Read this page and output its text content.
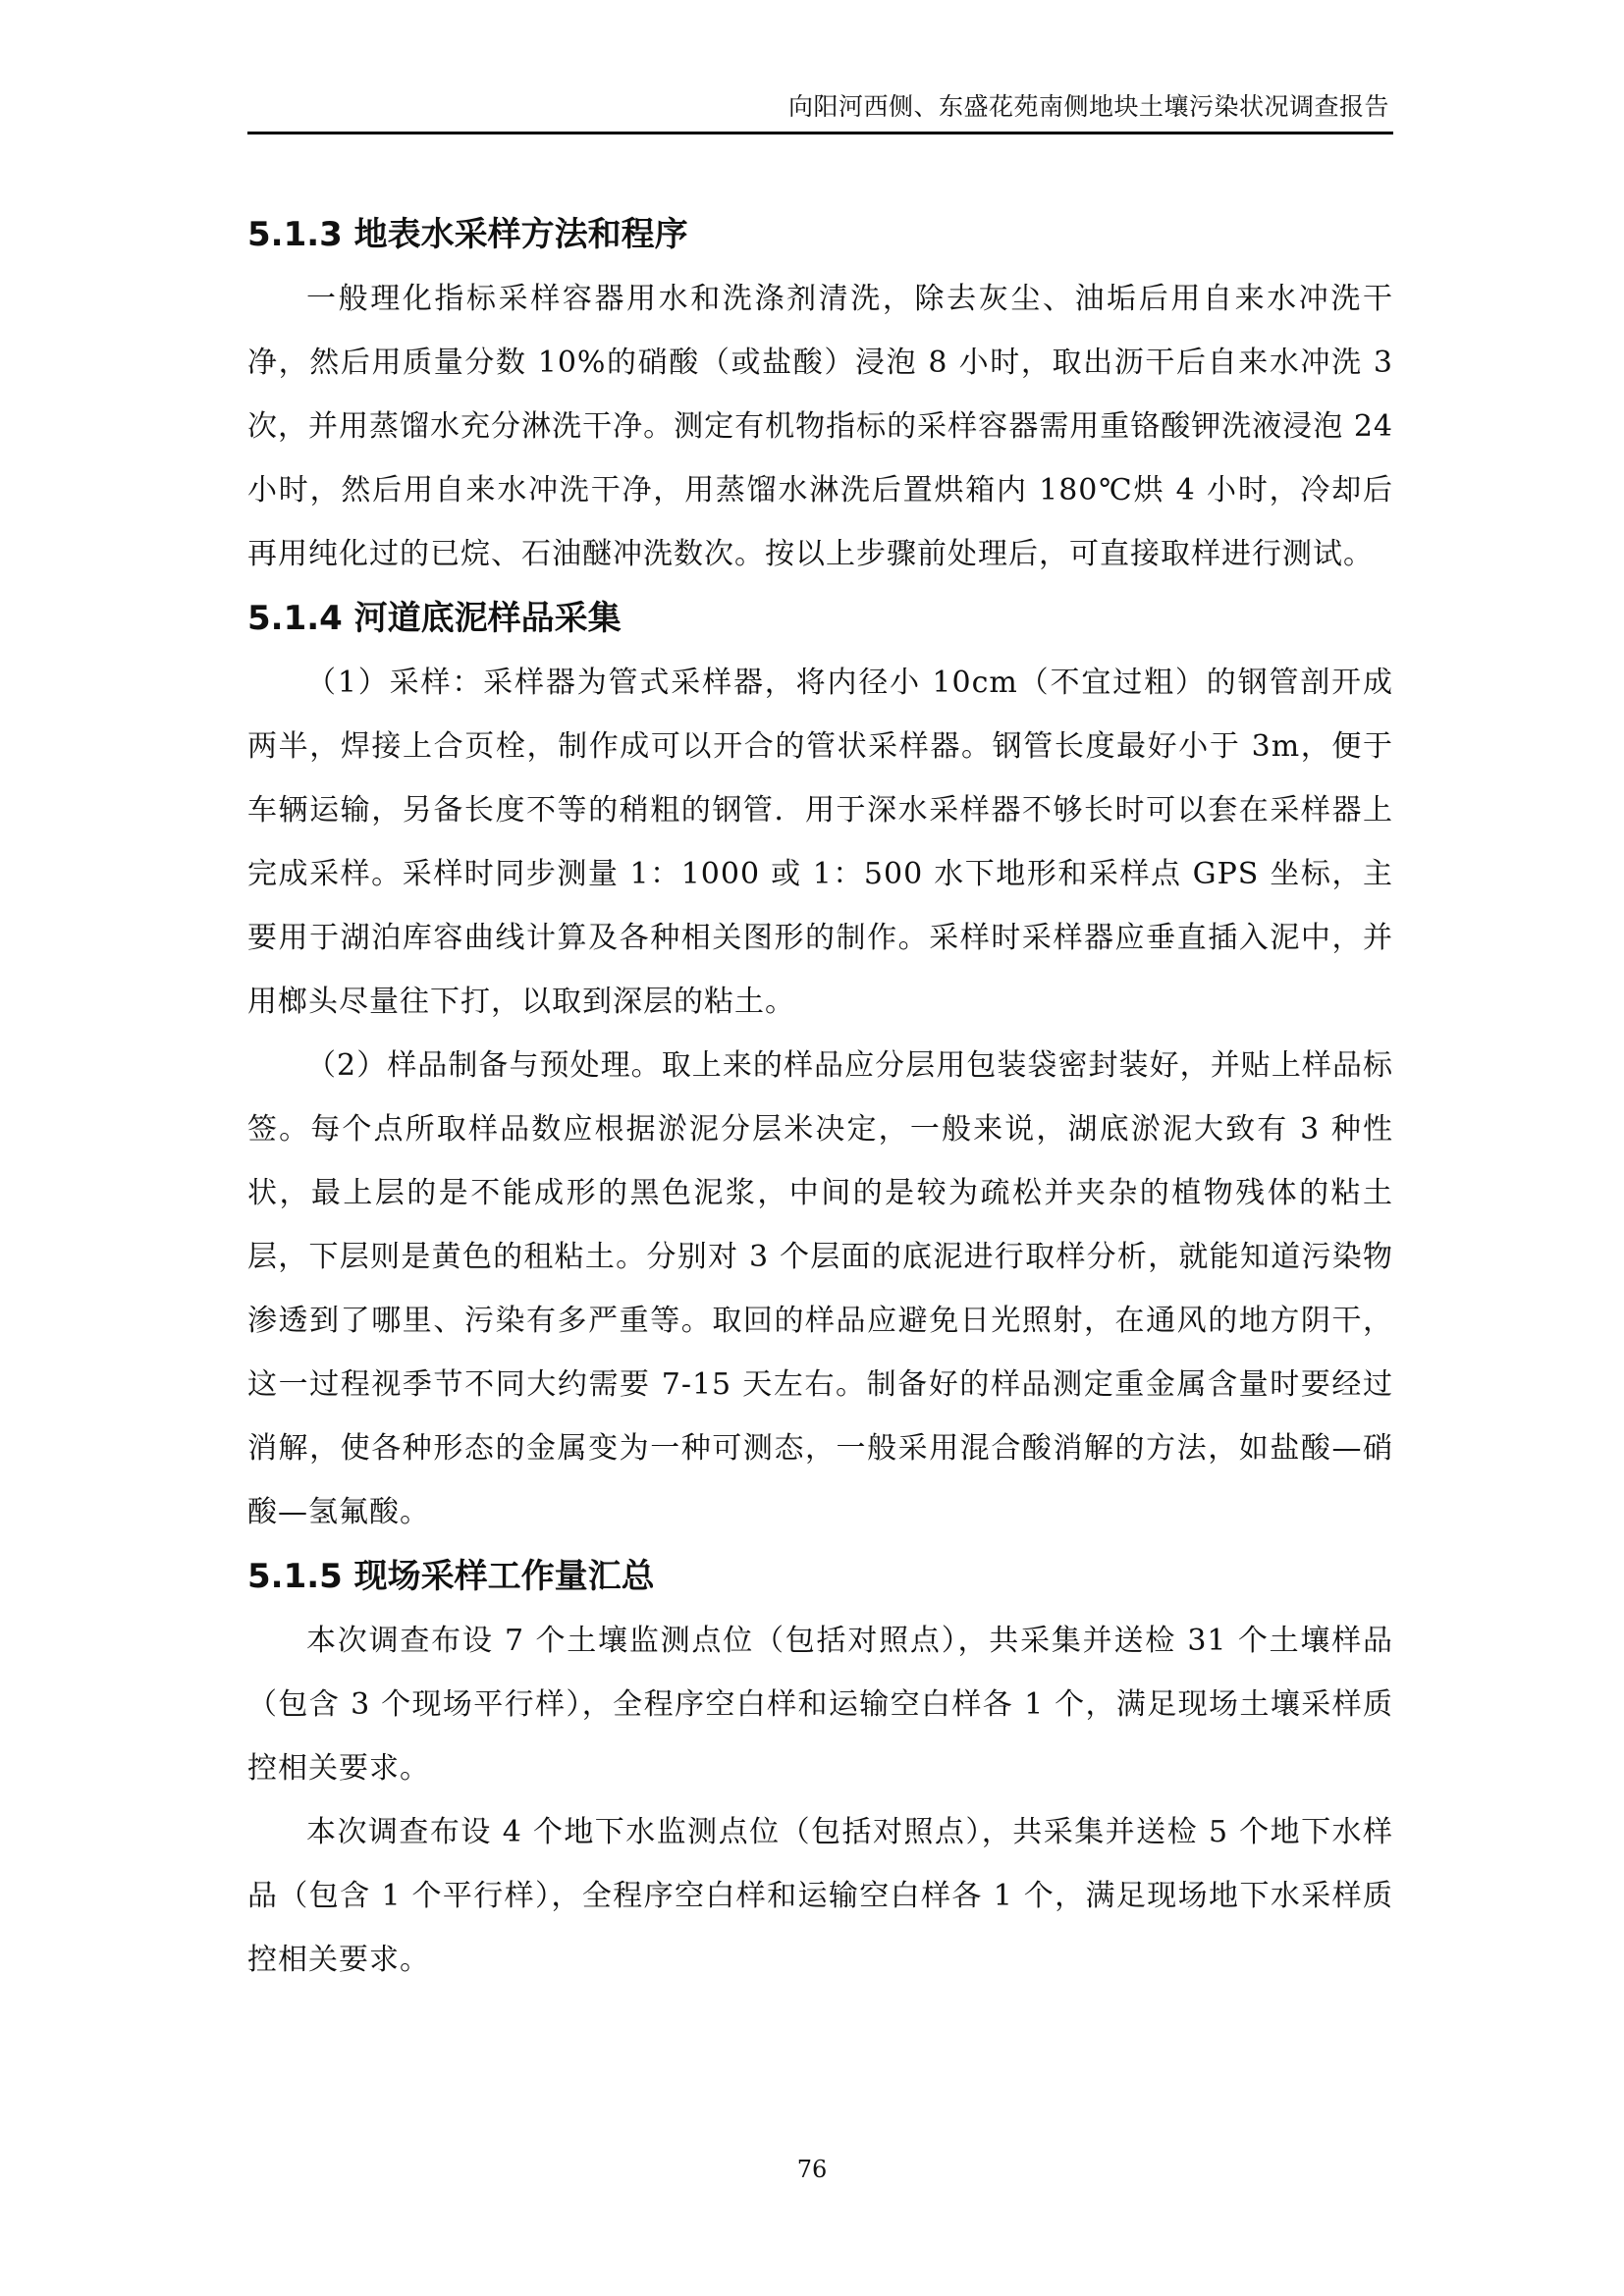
向阳河西侧、东盛花苑南侧地块土壤污染状况调查报告
5.1.3 地表水采样方法和程序

一般理化指标采样容器用水和洗涤剂清洗，除去灰尘、油垢后用自来水冲洗干净，然后用质量分数 10%的硝酸（或盐酸）浸泡 8 小时，取出沥干后自来水冲洗 3 次，并用蒸馏水充分淋洗干净。测定有机物指标的采样容器需用重铬酸钾洗液浸泡 24 小时，然后用自来水冲洗干净，用蒸馏水淋洗后置烘箱内 180℃烘 4 小时，冷却后再用纯化过的已烷、石油醚冲洗数次。按以上步骤前处理后，可直接取样进行测试。

5.1.4 河道底泥样品采集

（1）采样：采样器为管式采样器，将内径小 10cm（不宜过粗）的钢管剖开成两半，焊接上合页栓，制作成可以开合的管状采样器。钢管长度最好小于 3m，便于车辆运输，另备长度不等的稍粗的钢管．用于深水采样器不够长时可以套在采样器上完成采样。采样时同步测量 1：1000 或 1：500 水下地形和采样点 GPS 坐标，主要用于湖泊库容曲线计算及各种相关图形的制作。采样时采样器应垂直插入泥中，并用榔头尽量往下打，以取到深层的粘土。

（2）样品制备与预处理。取上来的样品应分层用包装袋密封装好，并贴上样品标签。每个点所取样品数应根据淤泥分层米决定，一般来说，湖底淤泥大致有 3 种性状，最上层的是不能成形的黑色泥浆，中间的是较为疏松并夹杂的植物残体的粘土层，下层则是黄色的租粘土。分别对 3 个层面的底泥进行取样分析，就能知道污染物渗透到了哪里、污染有多严重等。取回的样品应避免日光照射，在通风的地方阴干，这一过程视季节不同大约需要 7-15 天左右。制备好的样品测定重金属含量时要经过消解，使各种形态的金属变为一种可测态，一般采用混合酸消解的方法，如盐酸—硝酸—氢氟酸。

5.1.5 现场采样工作量汇总

本次调查布设 7 个土壤监测点位（包括对照点），共采集并送检 31 个土壤样品（包含 3 个现场平行样），全程序空白样和运输空白样各 1 个，满足现场土壤采样质控相关要求。

本次调查布设 4 个地下水监测点位（包括对照点），共采集并送检 5 个地下水样品（包含 1 个平行样），全程序空白样和运输空白样各 1 个，满足现场地下水采样质控相关要求。

76
